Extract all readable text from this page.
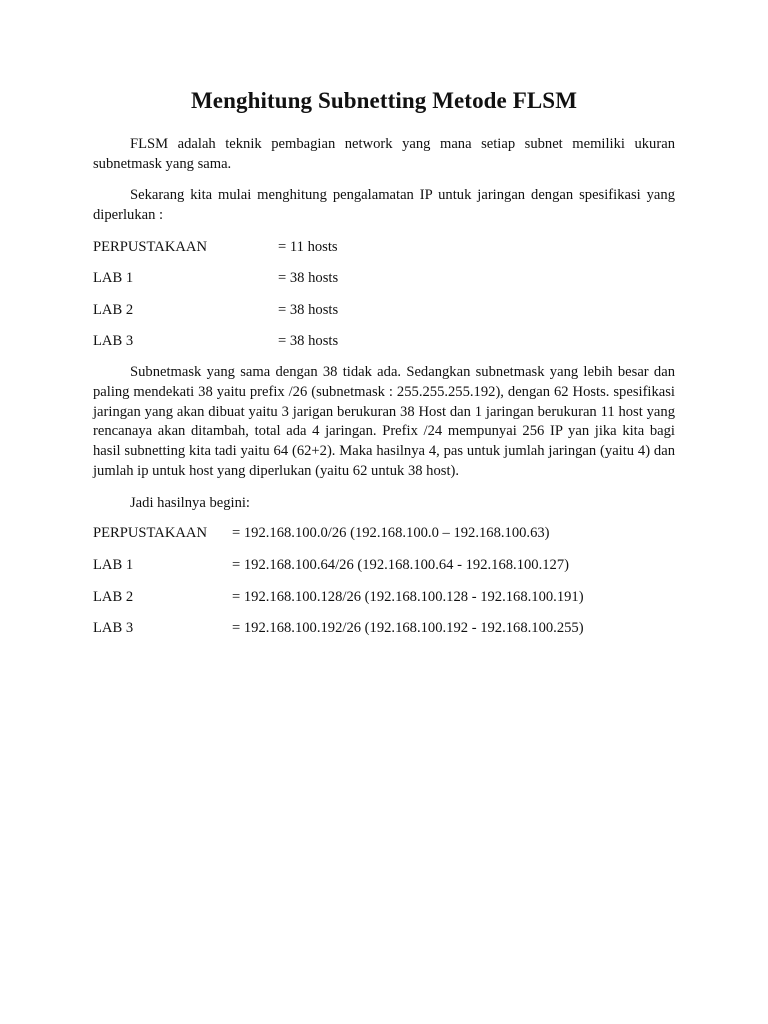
Menghitung Subnetting Metode FLSM

FLSM adalah teknik pembagian network yang mana setiap subnet memiliki ukuran subnetmask yang sama.

Sekarang kita mulai menghitung pengalamatan IP untuk jaringan dengan spesifikasi yang diperlukan :

PERPUSTAKAAN	= 11 hosts
LAB 1	= 38 hosts
LAB 2	= 38 hosts
LAB 3	= 38 hosts

Subnetmask yang sama dengan 38 tidak ada. Sedangkan subnetmask yang lebih besar dan paling mendekati 38 yaitu prefix /26 (subnetmask : 255.255.255.192), dengan 62 Hosts. spesifikasi jaringan yang akan dibuat yaitu 3 jarigan berukuran 38 Host dan 1 jaringan berukuran 11 host yang rencanaya akan ditambah, total ada 4 jaringan. Prefix /24 mempunyai 256 IP yan jika kita bagi hasil subnetting kita tadi yaitu 64 (62+2). Maka hasilnya 4, pas untuk jumlah jaringan (yaitu 4) dan jumlah ip untuk host yang diperlukan (yaitu 62 untuk 38 host).

Jadi hasilnya begini:

PERPUSTAKAAN	= 192.168.100.0/26 (192.168.100.0 – 192.168.100.63)
LAB 1	= 192.168.100.64/26 (192.168.100.64 - 192.168.100.127)
LAB 2	= 192.168.100.128/26 (192.168.100.128 - 192.168.100.191)
LAB 3	= 192.168.100.192/26 (192.168.100.192 - 192.168.100.255)
